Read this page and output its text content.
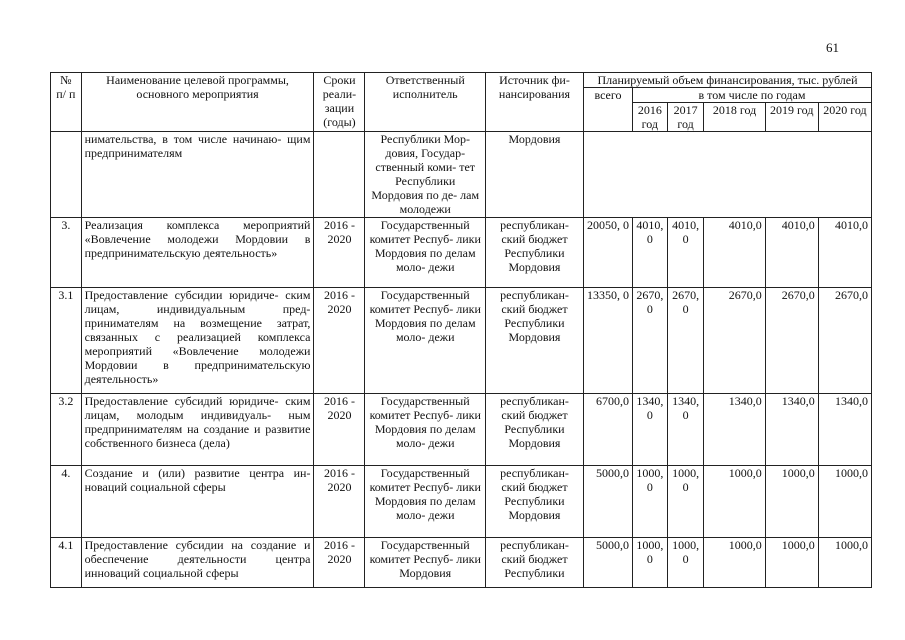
61
№ п/ п	Наименование целевой программы, основного мероприятия	Сроки реали- зации (годы)	Ответственный исполнитель	Источник фи- нансирования	Планируемый объем финансирования, тыс. рублей					
					всего	в том числе по годам				
						2016 год	2017 год	2018 год	2019 год	2020 год
	нимательства, в том числе начинаю- щим предпринимателям		Республики Мор- довия, Государ- ственный коми- тет Республики Мордовия по де- лам молодежи	Мордовия						
3.	Реализация комплекса мероприятий «Вовлечение молодежи Мордовии в предпринимательскую деятельность»	2016 - 2020	Государственный комитет Респуб- лики Мордовия по делам моло- дежи	республикан- ский бюджет Республики Мордовия	20050, 0	4010, 0	4010, 0	4010,0	4010,0	4010,0
3.1	Предоставление субсидии юридиче- ским лицам, индивидуальным пред- принимателям на возмещение затрат, связанных с реализацией комплекса мероприятий «Вовлечение молодежи Мордовии в предпринимательскую деятельность»	2016 - 2020	Государственный комитет Респуб- лики Мордовия по делам моло- дежи	республикан- ский бюджет Республики Мордовия	13350, 0	2670, 0	2670, 0	2670,0	2670,0	2670,0
3.2	Предоставление субсидий юридиче- ским лицам, молодым индивидуаль- ным предпринимателям на создание и развитие собственного бизнеса (дела)	2016 - 2020	Государственный комитет Респуб- лики Мордовия по делам моло- дежи	республикан- ский бюджет Республики Мордовия	6700,0	1340, 0	1340, 0	1340,0	1340,0	1340,0
4.	Создание и (или) развитие центра ин- новаций социальной сферы	2016 - 2020	Государственный комитет Респуб- лики Мордовия по делам моло- дежи	республикан- ский бюджет Республики Мордовия	5000,0	1000, 0	1000, 0	1000,0	1000,0	1000,0
4.1	Предоставление субсидии на создание и обеспечение деятельности центра инноваций социальной сферы	2016 - 2020	Государственный комитет Респуб- лики Мордовия	республикан- ский бюджет Республики	5000,0	1000, 0	1000, 0	1000,0	1000,0	1000,0
